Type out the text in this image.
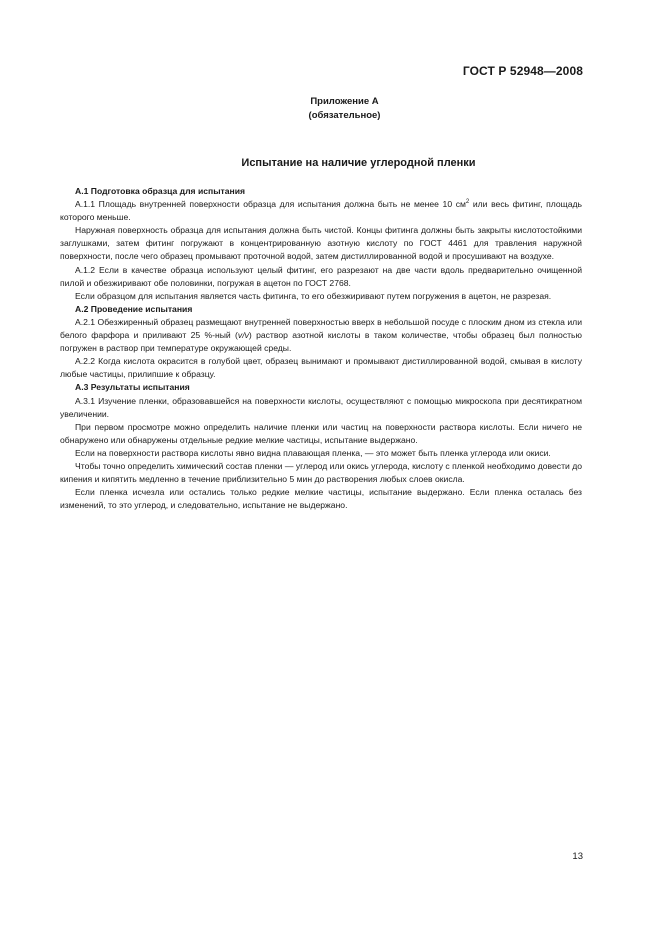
ГОСТ Р 52948—2008
Приложение А
(обязательное)
Испытание на наличие углеродной пленки
А.1 Подготовка образца для испытания

А.1.1 Площадь внутренней поверхности образца для испытания должна быть не менее 10 $см^2$ или весь фитинг, площадь которого меньше.

Наружная поверхность образца для испытания должна быть чистой. Концы фитинга должны быть закрыты кислотостойкими заглушками, затем фитинг погружают в концентрированную азотную кислоту по ГОСТ 4461 для травления наружной поверхности, после чего образец промывают проточной водой, затем дистиллированной водой и просушивают на воздухе.

А.1.2 Если в качестве образца используют целый фитинг, его разрезают на две части вдоль предварительно очищенной пилой и обезжиривают обе половинки, погружая в ацетон по ГОСТ 2768.

Если образцом для испытания является часть фитинга, то его обезжиривают путем погружения в ацетон, не разрезая.

А.2 Проведение испытания

А.2.1 Обезжиренный образец размещают внутренней поверхностью вверх в небольшой посуде с плоским дном из стекла или белого фарфора и приливают 25 %-ный (v/v) раствор азотной кислоты в таком количестве, чтобы образец был полностью погружен в раствор при температуре окружающей среды.

А.2.2 Когда кислота окрасится в голубой цвет, образец вынимают и промывают дистиллированной водой, смывая в кислоту любые частицы, прилипшие к образцу.

А.3 Результаты испытания

А.3.1 Изучение пленки, образовавшейся на поверхности кислоты, осуществляют с помощью микроскопа при десятикратном увеличении.

При первом просмотре можно определить наличие пленки или частиц на поверхности раствора кислоты. Если ничего не обнаружено или обнаружены отдельные редкие мелкие частицы, испытание выдержано.

Если на поверхности раствора кислоты явно видна плавающая пленка, — это может быть пленка углерода или окиси.

Чтобы точно определить химический состав пленки — углерод или окись углерода, кислоту с пленкой необходимо довести до кипения и кипятить медленно в течение приблизительно 5 мин до растворения любых слоев окисла.

Если пленка исчезла или остались только редкие мелкие частицы, испытание выдержано. Если пленка осталась без изменений, то это углерод, и следовательно, испытание не выдержано.

13
